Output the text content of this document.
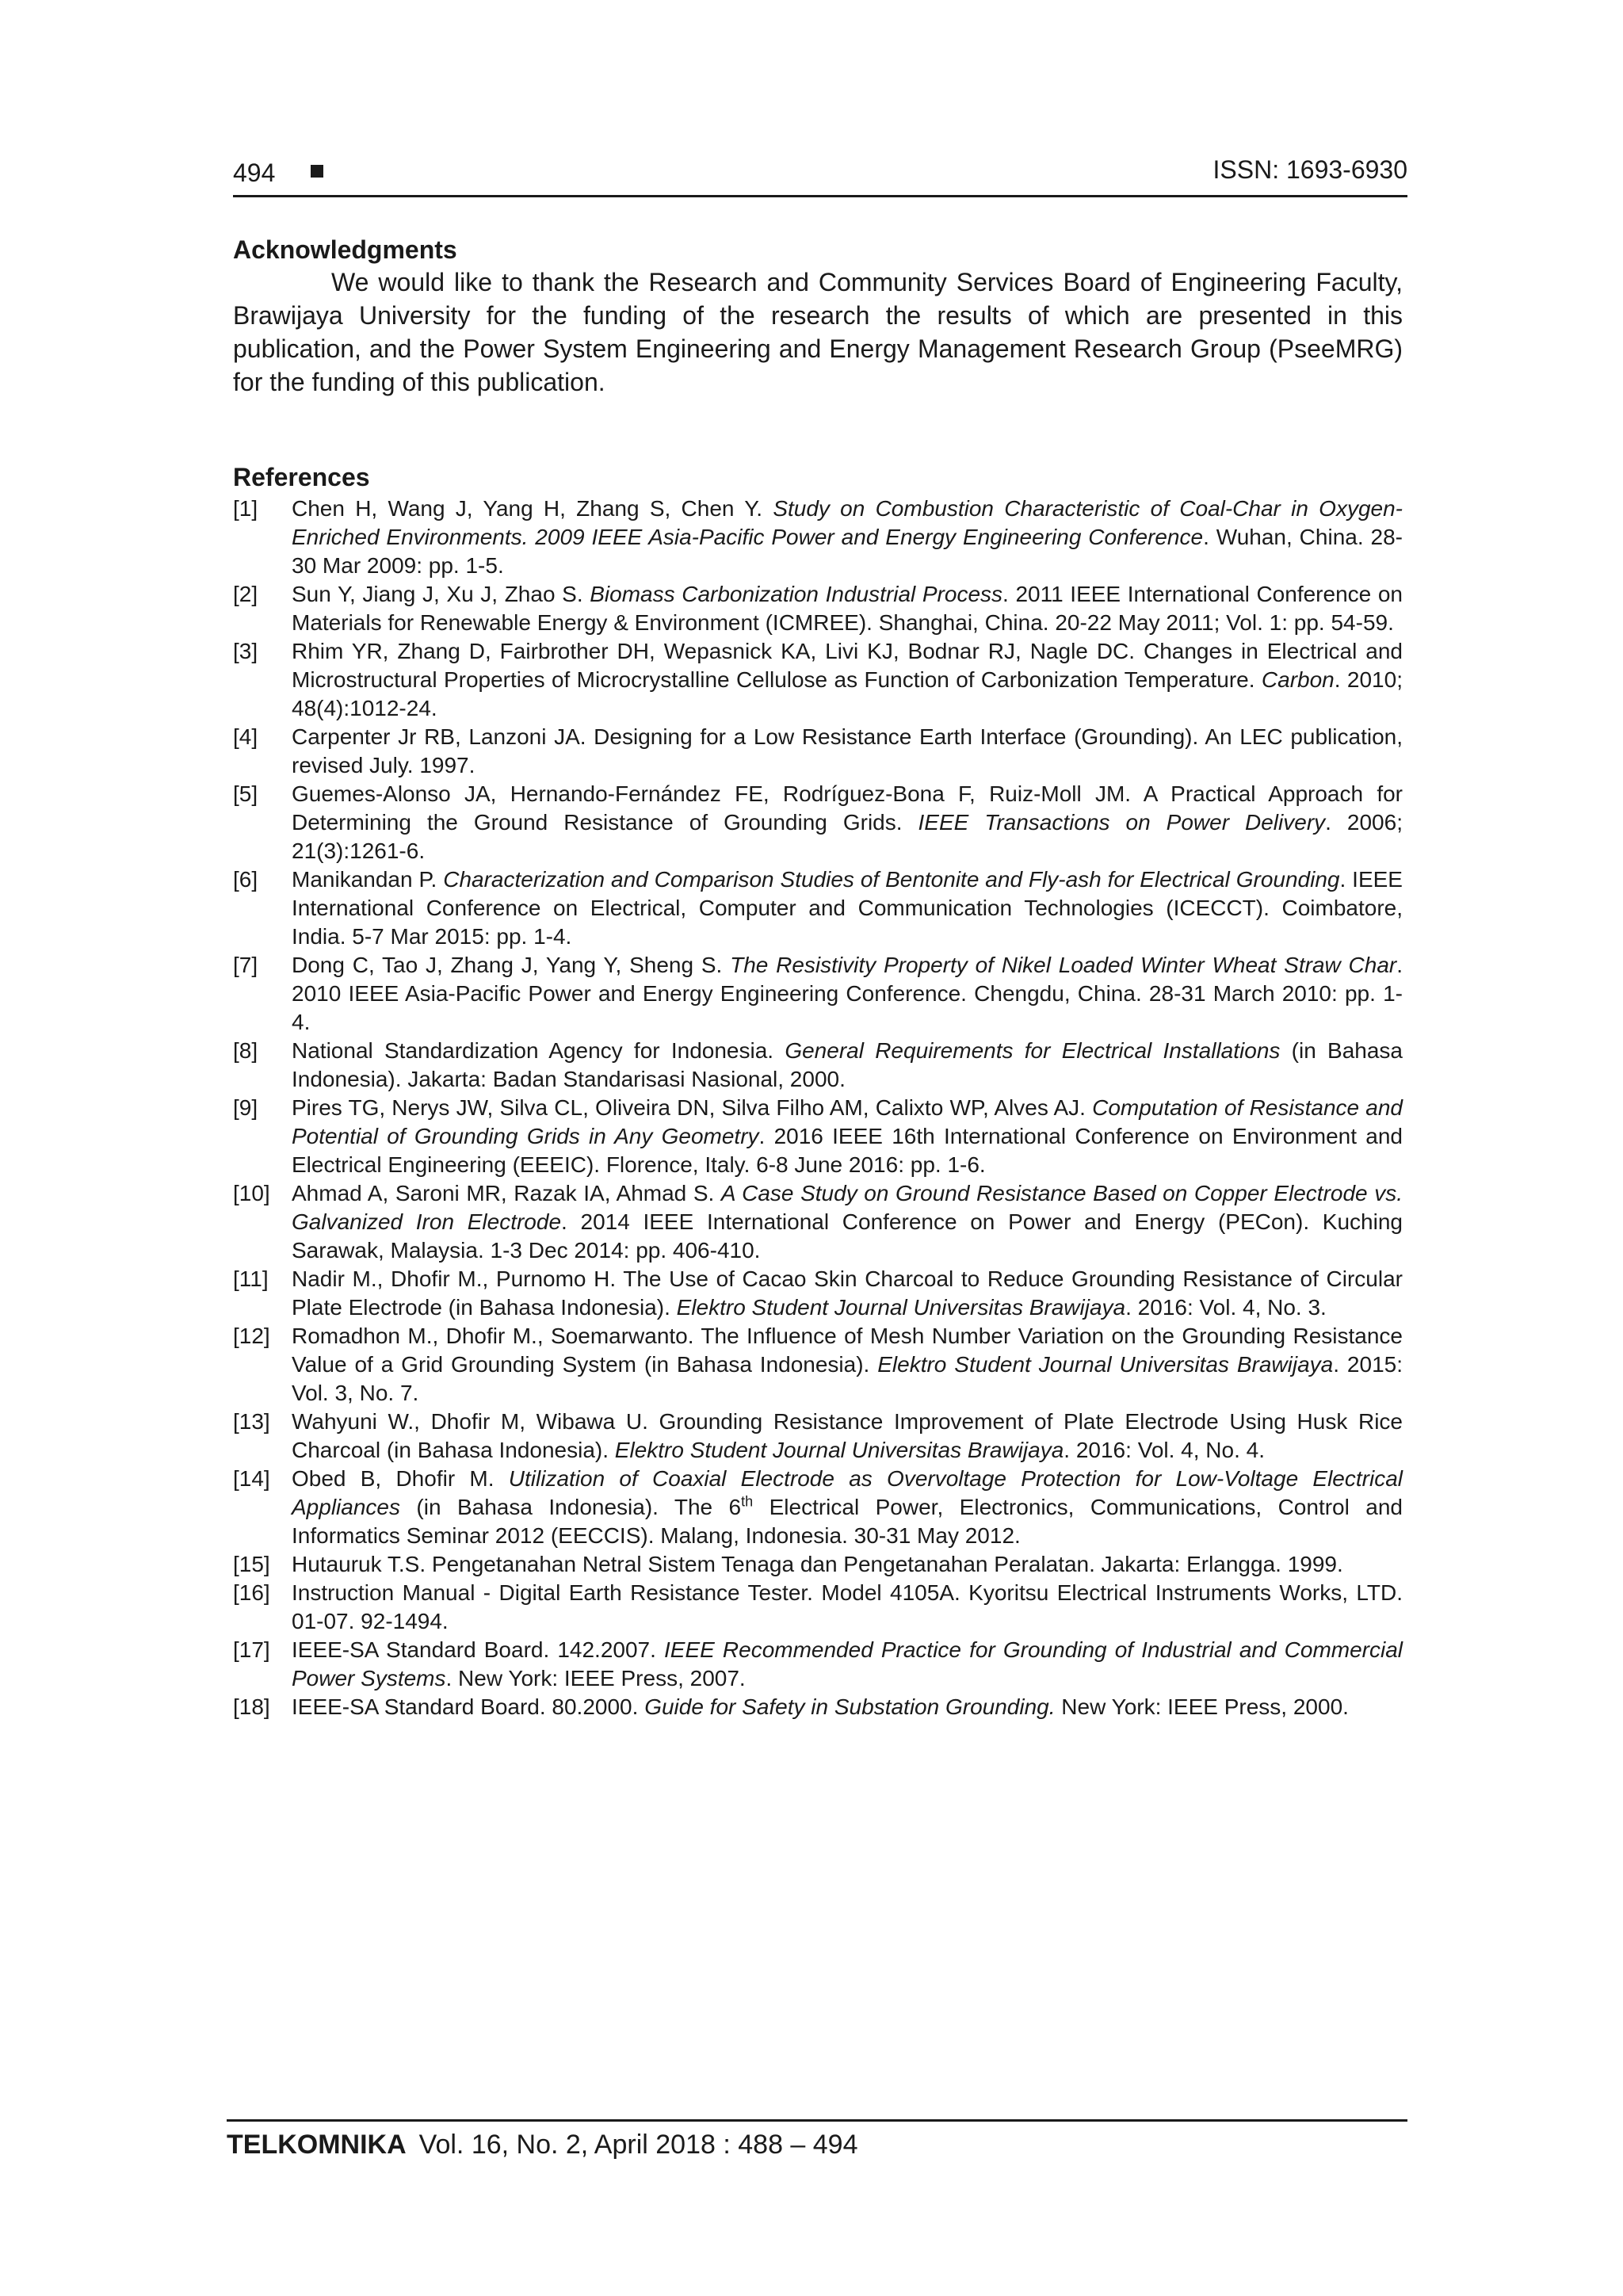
494	ISSN: 1693-6930
Acknowledgments

We would like to thank the Research and Community Services Board of Engineering Faculty, Brawijaya University for the funding of the research the results of which are presented in this publication, and the Power System Engineering and Energy Management Research Group (PseeMRG) for the funding of this publication.

References
[1]	Chen H, Wang J, Yang H, Zhang S, Chen Y. Study on Combustion Characteristic of Coal-Char in Oxygen-Enriched Environments. 2009 IEEE Asia-Pacific Power and Energy Engineering Conference. Wuhan, China. 28-30 Mar 2009: pp. 1-5.
[2]	Sun Y, Jiang J, Xu J, Zhao S. Biomass Carbonization Industrial Process. 2011 IEEE International Conference on Materials for Renewable Energy & Environment (ICMREE). Shanghai, China. 20-22 May 2011; Vol. 1: pp. 54-59.
[3]	Rhim YR, Zhang D, Fairbrother DH, Wepasnick KA, Livi KJ, Bodnar RJ, Nagle DC. Changes in Electrical and Microstructural Properties of Microcrystalline Cellulose as Function of Carbonization Temperature. Carbon. 2010; 48(4):1012-24.
[4]	Carpenter Jr RB, Lanzoni JA. Designing for a Low Resistance Earth Interface (Grounding). An LEC publication, revised July. 1997.
[5]	Guemes-Alonso JA, Hernando-Fernández FE, Rodríguez-Bona F, Ruiz-Moll JM. A Practical Approach for Determining the Ground Resistance of Grounding Grids. IEEE Transactions on Power Delivery. 2006; 21(3):1261-6.
[6]	Manikandan P. Characterization and Comparison Studies of Bentonite and Fly-ash for Electrical Grounding. IEEE International Conference on Electrical, Computer and Communication Technologies (ICECCT). Coimbatore, India. 5-7 Mar 2015: pp. 1-4.
[7]	Dong C, Tao J, Zhang J, Yang Y, Sheng S. The Resistivity Property of Nikel Loaded Winter Wheat Straw Char. 2010 IEEE Asia-Pacific Power and Energy Engineering Conference. Chengdu, China. 28-31 March 2010: pp. 1-4.
[8]	National Standardization Agency for Indonesia. General Requirements for Electrical Installations (in Bahasa Indonesia). Jakarta: Badan Standarisasi Nasional, 2000.
[9]	Pires TG, Nerys JW, Silva CL, Oliveira DN, Silva Filho AM, Calixto WP, Alves AJ. Computation of Resistance and Potential of Grounding Grids in Any Geometry. 2016 IEEE 16th International Conference on Environment and Electrical Engineering (EEEIC). Florence, Italy. 6-8 June 2016: pp. 1-6.
[10] Ahmad A, Saroni MR, Razak IA, Ahmad S. A Case Study on Ground Resistance Based on Copper Electrode vs. Galvanized Iron Electrode. 2014 IEEE International Conference on Power and Energy (PECon). Kuching Sarawak, Malaysia. 1-3 Dec 2014: pp. 406-410.
[11]	Nadir M., Dhofir M., Purnomo H. The Use of Cacao Skin Charcoal to Reduce Grounding Resistance of Circular Plate Electrode (in Bahasa Indonesia). Elektro Student Journal Universitas Brawijaya. 2016: Vol. 4, No. 3.
[12] Romadhon M., Dhofir M., Soemarwanto. The Influence of Mesh Number Variation on the Grounding Resistance Value of a Grid Grounding System (in Bahasa Indonesia). Elektro Student Journal Universitas Brawijaya. 2015: Vol. 3, No. 7.
[13] Wahyuni W., Dhofir M, Wibawa U. Grounding Resistance Improvement of Plate Electrode Using Husk Rice Charcoal (in Bahasa Indonesia). Elektro Student Journal Universitas Brawijaya. 2016: Vol. 4, No. 4.
[14] Obed B, Dhofir M. Utilization of Coaxial Electrode as Overvoltage Protection for Low-Voltage Electrical Appliances (in Bahasa Indonesia). The 6th Electrical Power, Electronics, Communications, Control and Informatics Seminar 2012 (EECCIS). Malang, Indonesia. 30-31 May 2012.
[15] Hutauruk T.S. Pengetanahan Netral Sistem Tenaga dan Pengetanahan Peralatan. Jakarta: Erlangga. 1999.
[16] Instruction Manual - Digital Earth Resistance Tester. Model 4105A. Kyoritsu Electrical Instruments Works, LTD. 01-07. 92-1494.
[17] IEEE-SA Standard Board. 142.2007. IEEE Recommended Practice for Grounding of Industrial and Commercial Power Systems. New York: IEEE Press, 2007.
[18] IEEE-SA Standard Board. 80.2000. Guide for Safety in Substation Grounding. New York: IEEE Press, 2000.
TELKOMNIKA Vol. 16, No. 2, April 2018 : 488 – 494
